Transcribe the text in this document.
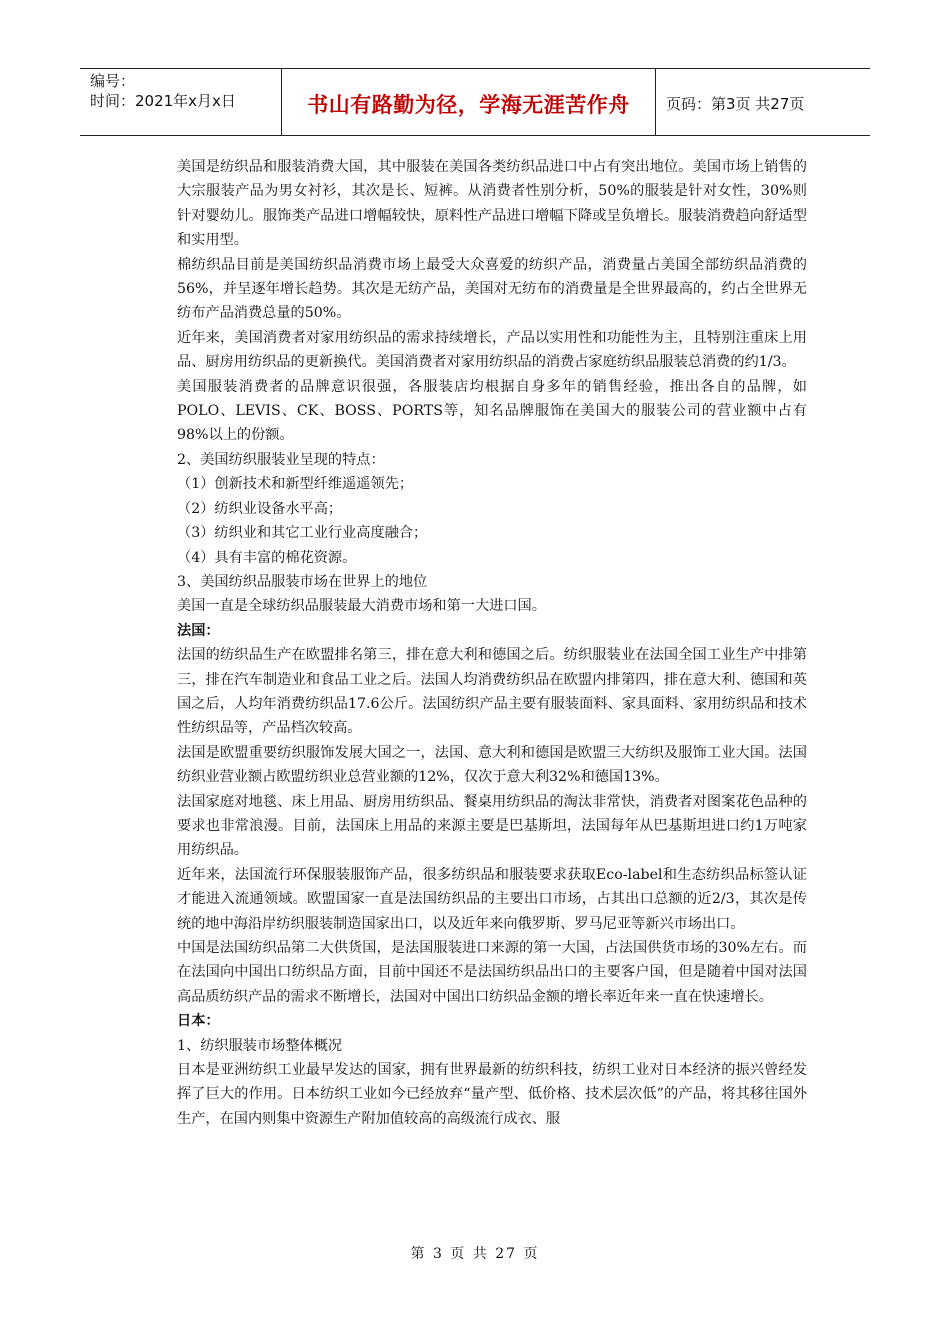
编号：
时间：2021年x月x日	书山有路勤为径，学海无涯苦作舟	页码：第3页 共27页

美国是纺织品和服装消费大国，其中服装在美国各类纺织品进口中占有突出地位。美国市场上销售的大宗服装产品为男女衬衫，其次是长、短裤。从消费者性别分析，50%的服装是针对女性，30%则针对婴幼儿。服饰类产品进口增幅较快，原料性产品进口增幅下降或呈负增长。服装消费趋向舒适型和实用型。

棉纺织品目前是美国纺织品消费市场上最受大众喜爱的纺织产品，消费量占美国全部纺织品消费的56%，并呈逐年增长趋势。其次是无纺产品，美国对无纺布的消费量是全世界最高的，约占全世界无纺布产品消费总量的50%。

近年来，美国消费者对家用纺织品的需求持续增长，产品以实用性和功能性为主，且特别注重床上用品、厨房用纺织品的更新换代。美国消费者对家用纺织品的消费占家庭纺织品服装总消费的约1/3。

美国服装消费者的品牌意识很强，各服装店均根据自身多年的销售经验，推出各自的品牌，如POLO、LEVIS、CK、BOSS、PORTS等，知名品牌服饰在美国大的服装公司的营业额中占有98%以上的份额。

2、美国纺织服装业呈现的特点：

（1）创新技术和新型纤维遥遥领先；

（2）纺织业设备水平高；

（3）纺织业和其它工业行业高度融合；

（4）具有丰富的棉花资源。

3、美国纺织品服装市场在世界上的地位

美国一直是全球纺织品服装最大消费市场和第一大进口国。

法国：

法国的纺织品生产在欧盟排名第三，排在意大利和德国之后。纺织服装业在法国全国工业生产中排第三，排在汽车制造业和食品工业之后。法国人均消费纺织品在欧盟内排第四，排在意大利、德国和英国之后，人均年消费纺织品17.6公斤。法国纺织产品主要有服装面料、家具面料、家用纺织品和技术性纺织品等，产品档次较高。

法国是欧盟重要纺织服饰发展大国之一，法国、意大利和德国是欧盟三大纺织及服饰工业大国。法国纺织业营业额占欧盟纺织业总营业额的12%，仅次于意大利32%和德国13%。

法国家庭对地毯、床上用品、厨房用纺织品、餐桌用纺织品的淘汰非常快，消费者对图案花色品种的要求也非常浪漫。目前，法国床上用品的来源主要是巴基斯坦，法国每年从巴基斯坦进口约1万吨家用纺织品。

近年来，法国流行环保服装服饰产品，很多纺织品和服装要求获取Eco-label和生态纺织品标签认证才能进入流通领域。欧盟国家一直是法国纺织品的主要出口市场，占其出口总额的近2/3，其次是传统的地中海沿岸纺织服装制造国家出口，以及近年来向俄罗斯、罗马尼亚等新兴市场出口。

中国是法国纺织品第二大供货国，是法国服装进口来源的第一大国，占法国供货市场的30%左右。而在法国向中国出口纺织品方面，目前中国还不是法国纺织品出口的主要客户国，但是随着中国对法国高品质纺织产品的需求不断增长，法国对中国出口纺织品金额的增长率近年来一直在快速增长。

日本：

1、纺织服装市场整体概况

日本是亚洲纺织工业最早发达的国家，拥有世界最新的纺织科技，纺织工业对日本经济的振兴曾经发挥了巨大的作用。日本纺织工业如今已经放弃“量产型、低价格、技术层次低”的产品，将其移往国外生产，在国内则集中资源生产附加值较高的高级流行成衣、服

第 3 页 共 27 页
